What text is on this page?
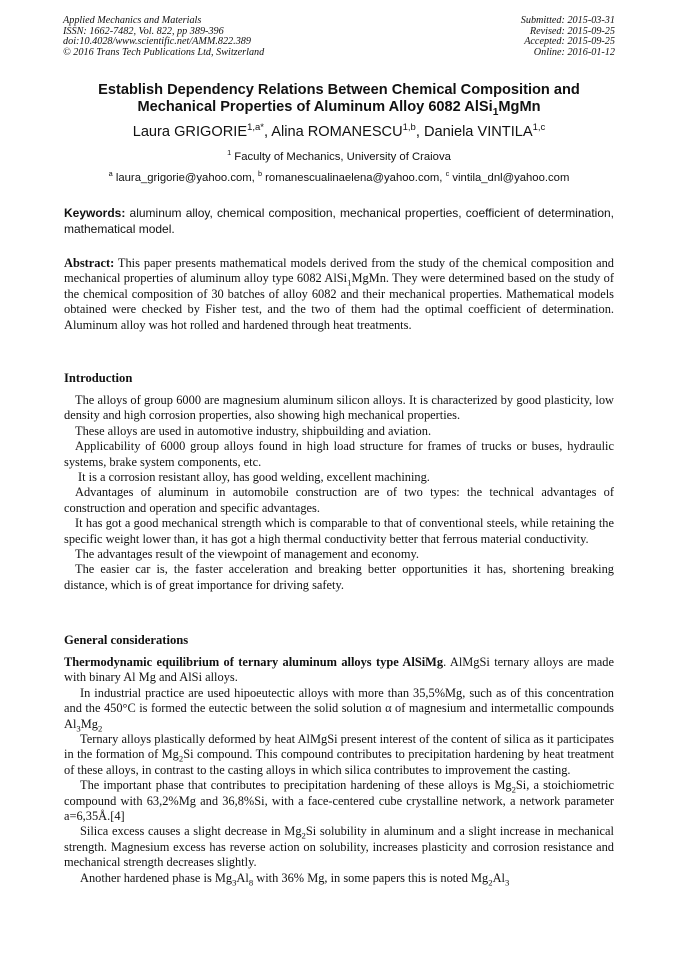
Applied Mechanics and Materials
ISSN: 1662-7482, Vol. 822, pp 389-396
doi:10.4028/www.scientific.net/AMM.822.389
© 2016 Trans Tech Publications Ltd, Switzerland
Submitted: 2015-03-31
Revised: 2015-09-25
Accepted: 2015-09-25
Online: 2016-01-12
Establish Dependency Relations Between Chemical Composition and
Mechanical Properties of Aluminum Alloy 6082 AlSi$_1$MgMn
Laura $GRIGORIE^{1,a*}$, Alina ROMANESCU$^{1,b}$, Daniela VINTILA$^{1,c}$
$^1$ Faculty of Mechanics, University of Craiova
$^a$ laura_grigorie@yahoo.com, $^b$ romanescualinaelena@yahoo.com, $^c$ vintila_dnl@yahoo.com
Keywords: aluminum alloy, chemical composition, mechanical properties, coefficient of determination, mathematical model.
Abstract: This paper presents mathematical models derived from the study of the chemical composition and mechanical properties of aluminum alloy type 6082 AlSi$_1$MgMn. They were determined based on the study of the chemical composition of 30 batches of alloy 6082 and their mechanical properties. Mathematical models obtained were checked by Fisher test, and the two of them had the optimal coefficient of determination. Aluminum alloy was hot rolled and hardened through heat treatments.
Introduction

The alloys of group 6000 are magnesium aluminum silicon alloys. It is characterized by good plasticity, low density and high corrosion properties, also showing high mechanical properties.

These alloys are used in automotive industry, shipbuilding and aviation.

Applicability of 6000 group alloys found in high load structure for frames of trucks or buses, hydraulic systems, brake system components, etc.

It is a corrosion resistant alloy, has good welding, excellent machining.

Advantages of aluminum in automobile construction are of two types: the technical advantages of construction and operation and specific advantages.

It has got a good mechanical strength which is comparable to that of conventional steels, while retaining the specific weight lower than, it has got a high thermal conductivity better that ferrous material conductivity.

The advantages result of the viewpoint of management and economy.

The easier car is, the faster acceleration and breaking better opportunities it has, shortening breaking distance, which is of great importance for driving safety.

General considerations

Thermodynamic equilibrium of ternary aluminum alloys type AlSiMg. AlMgSi ternary alloys are made with binary Al Mg and AlSi alloys.

In industrial practice are used hipoeutectic alloys with more than 35,5%Mg, such as of this concentration and the 450°C is formed the eutectic between the solid solution α of magnesium and intermetallic compounds $Al_3Mg_2$

Ternary alloys plastically deformed by heat AlMgSi present interest of the content of silica as it participates in the formation of $Mg_2Si$ compound. This compound contributes to precipitation hardening by heat treatment of these alloys, in contrast to the casting alloys in which silica contributes to improvement the casting.

The important phase that contributes to precipitation hardening of these alloys is $Mg_2Si$, a stoichiometric compound with 63,2%Mg and 36,8%Si, with a face-centered cube crystalline network, a network parameter a=6,35Å.[4]

Silica excess causes a slight decrease in $Mg_2Si$ solubility in aluminum and a slight increase in mechanical strength. Magnesium excess has reverse action on solubility, increases plasticity and corrosion resistance and mechanical strength decreases slightly.

Another hardened phase is $Mg_3Al_8$ with 36% Mg, in some papers this is noted $Mg_2Al_3$
